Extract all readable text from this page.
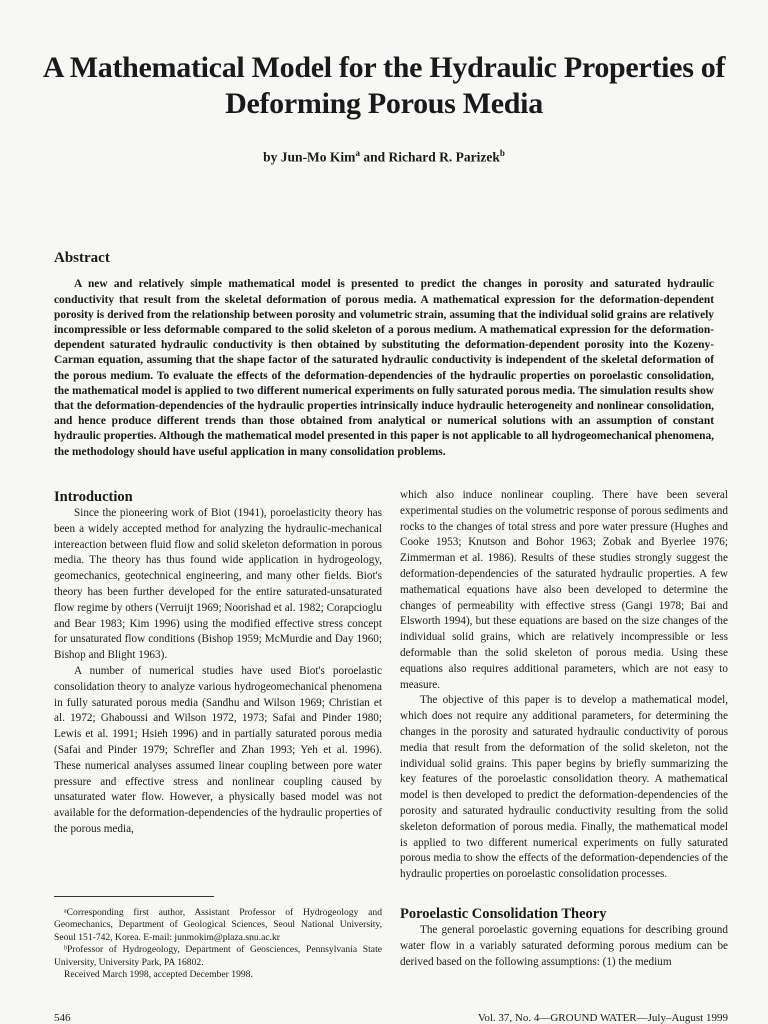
A Mathematical Model for the Hydraulic Properties of Deforming Porous Media
by Jun-Mo Kim$^a$ and Richard R. Parizek$^b$
Abstract

A new and relatively simple mathematical model is presented to predict the changes in porosity and saturated hydraulic conductivity that result from the skeletal deformation of porous media. A mathematical expression for the deformation-dependent porosity is derived from the relationship between porosity and volumetric strain, assuming that the individual solid grains are relatively incompressible or less deformable compared to the solid skeleton of a porous medium. A mathematical expression for the deformation-dependent saturated hydraulic conductivity is then obtained by substituting the deformation-dependent porosity into the Kozeny-Carman equation, assuming that the shape factor of the saturated hydraulic conductivity is independent of the skeletal deformation of the porous medium. To evaluate the effects of the deformation-dependencies of the hydraulic properties on poroelastic consolidation, the mathematical model is applied to two different numerical experiments on fully saturated porous media. The simulation results show that the deformation-dependencies of the hydraulic properties intrinsically induce hydraulic heterogeneity and nonlinear consolidation, and hence produce different trends than those obtained from analytical or numerical solutions with an assumption of constant hydraulic properties. Although the mathematical model presented in this paper is not applicable to all hydrogeomechanical phenomena, the methodology should have useful application in many consolidation problems.

Introduction

Since the pioneering work of Biot (1941), poroelasticity theory has been a widely accepted method for analyzing the hydraulic-mechanical intereaction between fluid flow and solid skeleton deformation in porous media. The theory has thus found wide application in hydrogeology, geomechanics, geotechnical engineering, and many other fields. Biot's theory has been further developed for the entire saturated-unsaturated flow regime by others (Verruijt 1969; Noorishad et al. 1982; Corapcioglu and Bear 1983; Kim 1996) using the modified effective stress concept for unsaturated flow conditions (Bishop 1959; McMurdie and Day 1960; Bishop and Blight 1963).

A number of numerical studies have used Biot's poroelastic consolidation theory to analyze various hydrogeomechanical phenomena in fully saturated porous media (Sandhu and Wilson 1969; Christian et al. 1972; Ghaboussi and Wilson 1972, 1973; Safai and Pinder 1980; Lewis et al. 1991; Hsieh 1996) and in partially saturated porous media (Safai and Pinder 1979; Schrefler and Zhan 1993; Yeh et al. 1996). These numerical analyses assumed linear coupling between pore water pressure and effective stress and nonlinear coupling caused by unsaturated water flow. However, a physically based model was not available for the deformation-dependencies of the hydraulic properties of the porous media,

which also induce nonlinear coupling. There have been several experimental studies on the volumetric response of porous sediments and rocks to the changes of total stress and pore water pressure (Hughes and Cooke 1953; Knutson and Bohor 1963; Zobak and Byerlee 1976; Zimmerman et al. 1986). Results of these studies strongly suggest the deformation-dependencies of the saturated hydraulic properties. A few mathematical equations have also been developed to determine the changes of permeability with effective stress (Gangi 1978; Bai and Elsworth 1994), but these equations are based on the size changes of the individual solid grains, which are relatively incompressible or less deformable than the solid skeleton of porous media. Using these equations also requires additional parameters, which are not easy to measure.

The objective of this paper is to develop a mathematical model, which does not require any additional parameters, for determining the changes in the porosity and saturated hydraulic conductivity of porous media that result from the deformation of the solid skeleton, not the individual solid grains. This paper begins by briefly summarizing the key features of the poroelastic consolidation theory. A mathematical model is then developed to predict the deformation-dependencies of the porosity and saturated hydraulic conductivity resulting from the solid skeleton deformation of porous media. Finally, the mathematical model is applied to two different numerical experiments on fully saturated porous media to show the effects of the deformation-dependencies of the hydraulic properties on poroelastic consolidation processes.

Poroelastic Consolidation Theory

The general poroelastic governing equations for describing ground water flow in a variably saturated deforming porous medium can be derived based on the following assumptions: (1) the medium

ᵃCorresponding first author, Assistant Professor of Hydrogeology and Geomechanics, Department of Geological Sciences, Seoul National University, Seoul 151-742, Korea. E-mail: junmokim@plaza.snu.ac.kr

ᵇProfessor of Hydrogeology, Department of Geosciences, Pennsylvania State University, University Park, PA 16802.

Received March 1998, accepted December 1998.

546	Vol. 37, No. 4—GROUND WATER—July–August 1999
